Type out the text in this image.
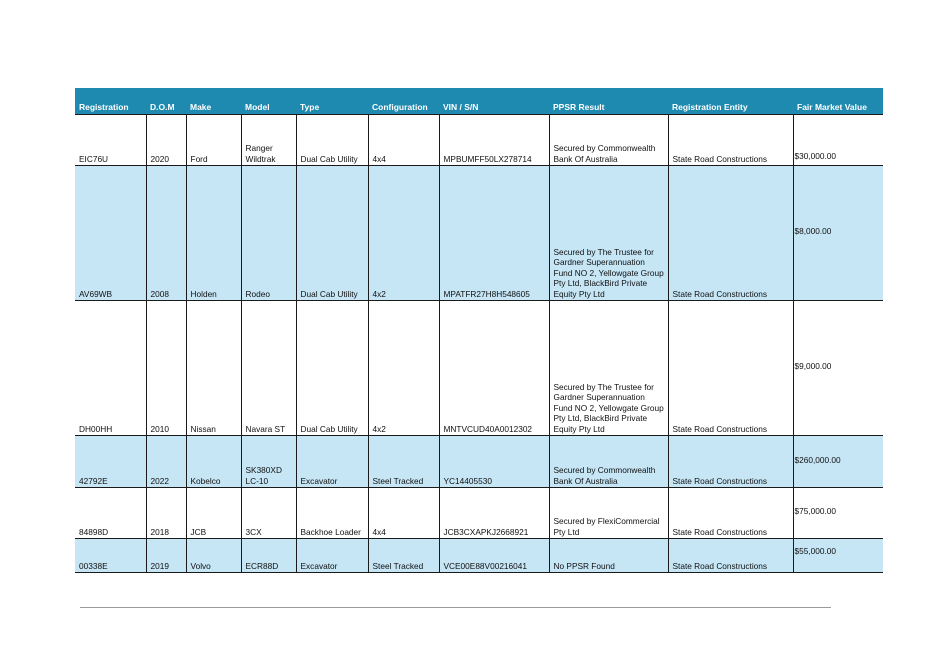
Registration	D.O.M	Make	Model	Type	Configuration	VIN / S/N	PPSR Result	Registration Entity	Fair Market Value
EIC76U	2020	Ford	Ranger Wildtrak	Dual Cab Utility	4x4	MPBUMFF50LX278714	Secured by Commonwealth Bank Of Australia	State Road Constructions	$30,000.00
AV69WB	2008	Holden	Rodeo	Dual Cab Utility	4x2	MPATFR27H8H548605	Secured by The Trustee for Gardner Superannuation Fund NO 2, Yellowgate Group Pty Ltd, BlackBird Private Equity Pty Ltd	State Road Constructions	$8,000.00
DH00HH	2010	Nissan	Navara ST	Dual Cab Utility	4x2	MNTVCUD40A0012302	Secured by The Trustee for Gardner Superannuation Fund NO 2, Yellowgate Group Pty Ltd, BlackBird Private Equity Pty Ltd	State Road Constructions	$9,000.00
42792E	2022	Kobelco	SK380XD LC-10	Excavator	Steel Tracked	YC14405530	Secured by Commonwealth Bank Of Australia	State Road Constructions	$260,000.00
84898D	2018	JCB	3CX	Backhoe Loader	4x4	JCB3CXAPKJ2668921	Secured by FlexiCommercial Pty Ltd	State Road Constructions	$75,000.00
00338E	2019	Volvo	ECR88D	Excavator	Steel Tracked	VCE00E88V00216041	No PPSR Found	State Road Constructions	$55,000.00
